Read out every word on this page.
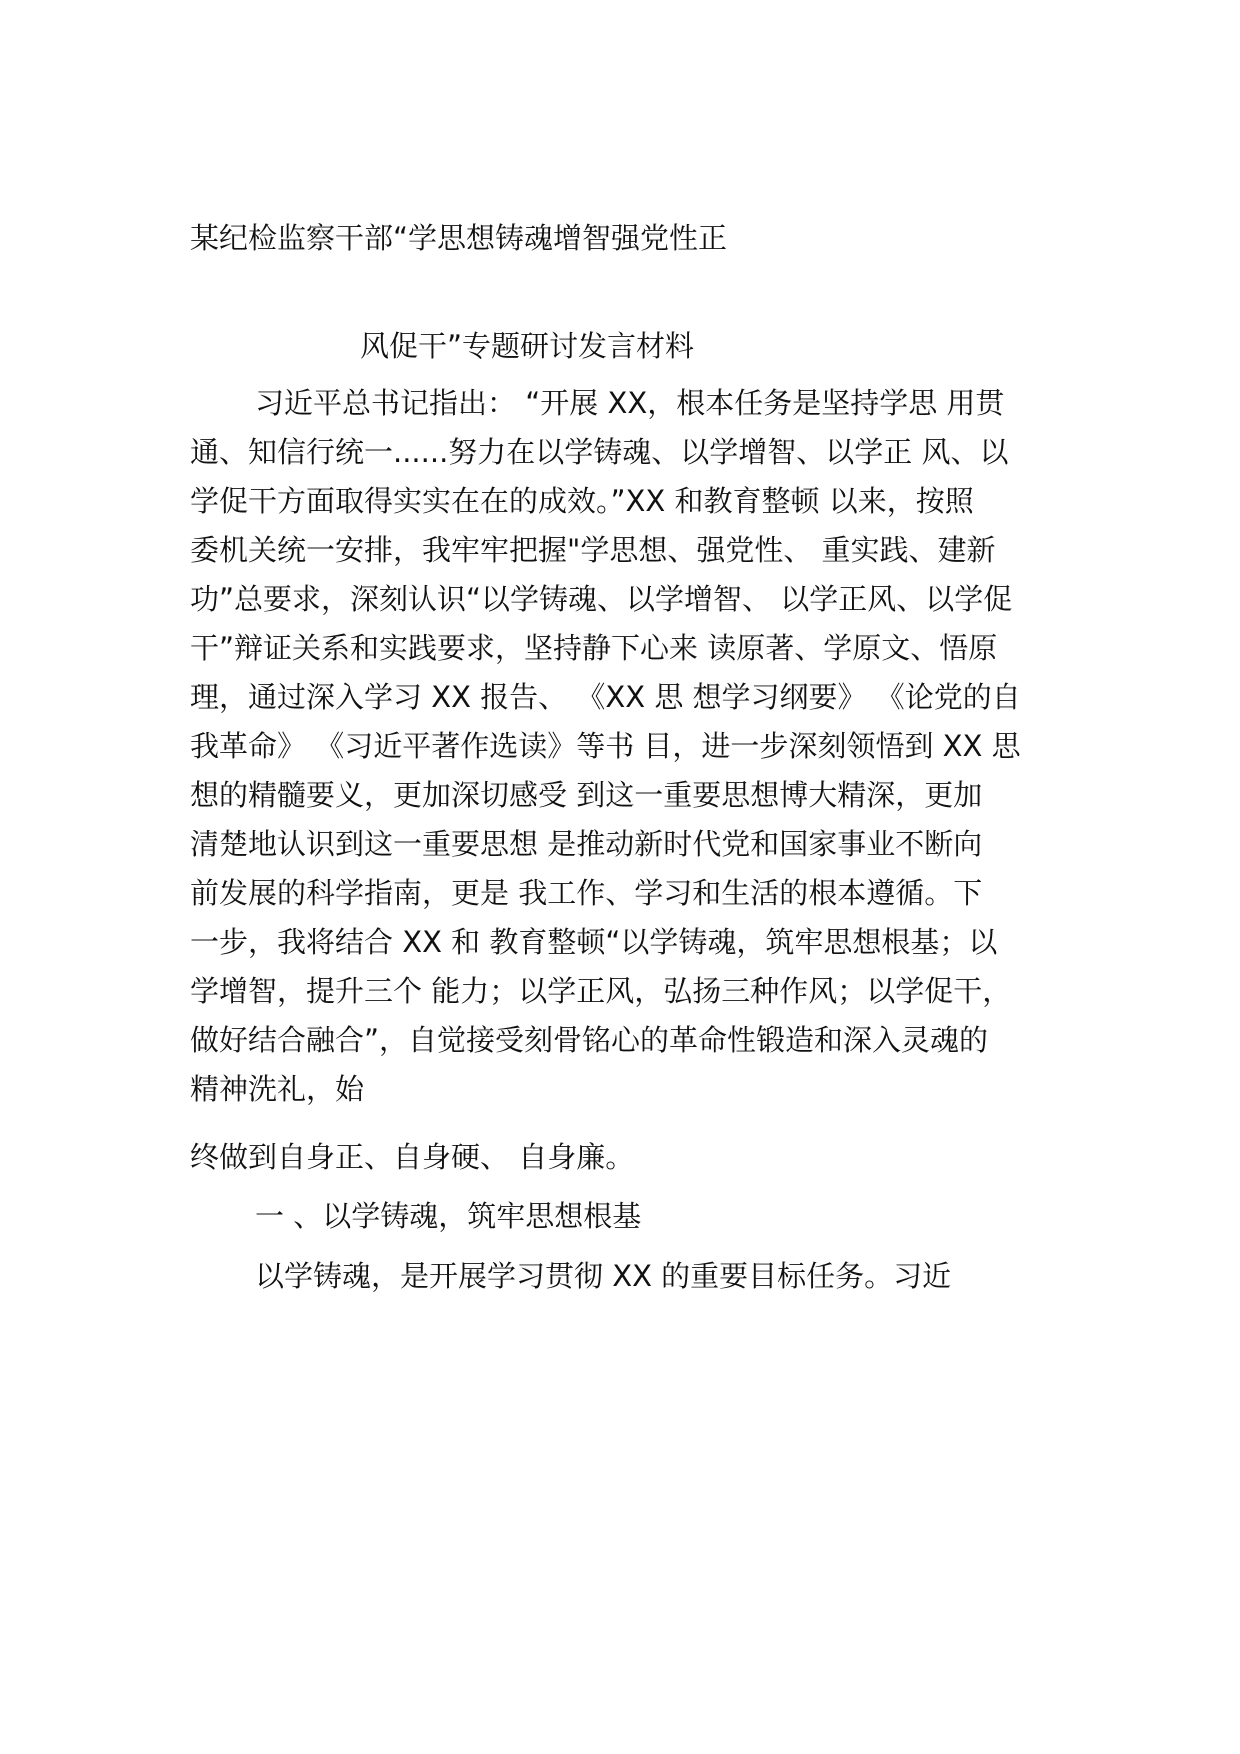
某纪检监察干部“学思想铸魂增智强党性正
风促干”专题研讨发言材料
习近平总书记指出： “开展 XX，根本任务是坚持学思 用贯
通、知信行统一......努力在以学铸魂、以学增智、以学正 风、以
学促干方面取得实实在在的成效。”XX 和教育整顿 以来，按照
委机关统一安排，我牢牢把握"学思想、强党性、 重实践、建新
功”总要求，深刻认识“以学铸魂、以学增智、 以学正风、以学促
干”辩证关系和实践要求，坚持静下心来 读原著、学原文、悟原
理，通过深入学习 XX 报告、 《XX 思 想学习纲要》 《论党的自
我革命》 《习近平著作选读》等书 目，进一步深刻领悟到 XX 思
想的精髓要义，更加深切感受 到这一重要思想博大精深，更加
清楚地认识到这一重要思想 是推动新时代党和国家事业不断向
前发展的科学指南，更是 我工作、学习和生活的根本遵循。下
一步，我将结合 XX 和 教育整顿“以学铸魂，筑牢思想根基；以
学增智，提升三个 能力；以学正风，弘扬三种作风；以学促干，
做好结合融合”，自觉接受刻骨铭心的革命性锻造和深入灵魂的
精神洗礼，始
终做到自身正、自身硬、 自身廉。
一 、以学铸魂，筑牢思想根基
以学铸魂，是开展学习贯彻 XX 的重要目标任务。习近
